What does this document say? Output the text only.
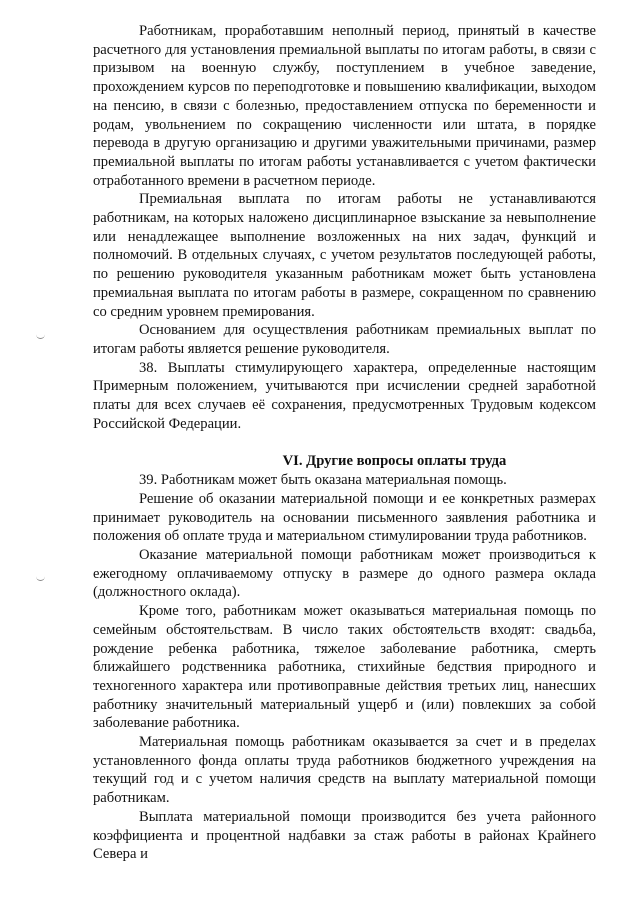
Работникам, проработавшим неполный период, принятый в качестве расчетного для установления премиальной выплаты по итогам работы, в связи с призывом на военную службу, поступлением в учебное заведение, прохождением курсов по переподготовке и повышению квалификации, выходом на пенсию, в связи с болезнью, предоставлением отпуска по беременности и родам, увольнением по сокращению численности или штата, в порядке перевода в другую организацию и другими уважительными причинами, размер премиальной выплаты по итогам работы устанавливается с учетом фактически отработанного времени в расчетном периоде.

Премиальная выплата по итогам работы не устанавливаются работникам, на которых наложено дисциплинарное взыскание за невыполнение или ненадлежащее выполнение возложенных на них задач, функций и полномочий. В отдельных случаях, с учетом результатов последующей работы, по решению руководителя указанным работникам может быть установлена премиальная выплата по итогам работы в размере, сокращенном по сравнению со средним уровнем премирования.

Основанием для осуществления работникам премиальных выплат по итогам работы является решение руководителя.

38. Выплаты стимулирующего характера, определенные настоящим Примерным положением, учитываются при исчислении средней заработной платы для всех случаев её сохранения, предусмотренных Трудовым кодексом Российской Федерации.

VI. Другие вопросы оплаты труда

39. Работникам может быть оказана материальная помощь.

Решение об оказании материальной помощи и ее конкретных размерах принимает руководитель на основании письменного заявления работника и положения об оплате труда и материальном стимулировании труда работников.

Оказание материальной помощи работникам может производиться к ежегодному оплачиваемому отпуску в размере до одного размера оклада (должностного оклада).

Кроме того, работникам может оказываться материальная помощь по семейным обстоятельствам. В число таких обстоятельств входят: свадьба, рождение ребенка работника, тяжелое заболевание работника, смерть ближайшего родственника работника, стихийные бедствия природного и техногенного характера или противоправные действия третьих лиц, нанесших работнику значительный материальный ущерб и (или) повлекших за собой заболевание работника.

Материальная помощь работникам оказывается за счет и в пределах установленного фонда оплаты труда работников бюджетного учреждения на текущий год и с учетом наличия средств на выплату материальной помощи работникам.

Выплата материальной помощи производится без учета районного коэффициента и процентной надбавки за стаж работы в районах Крайнего Севера и
